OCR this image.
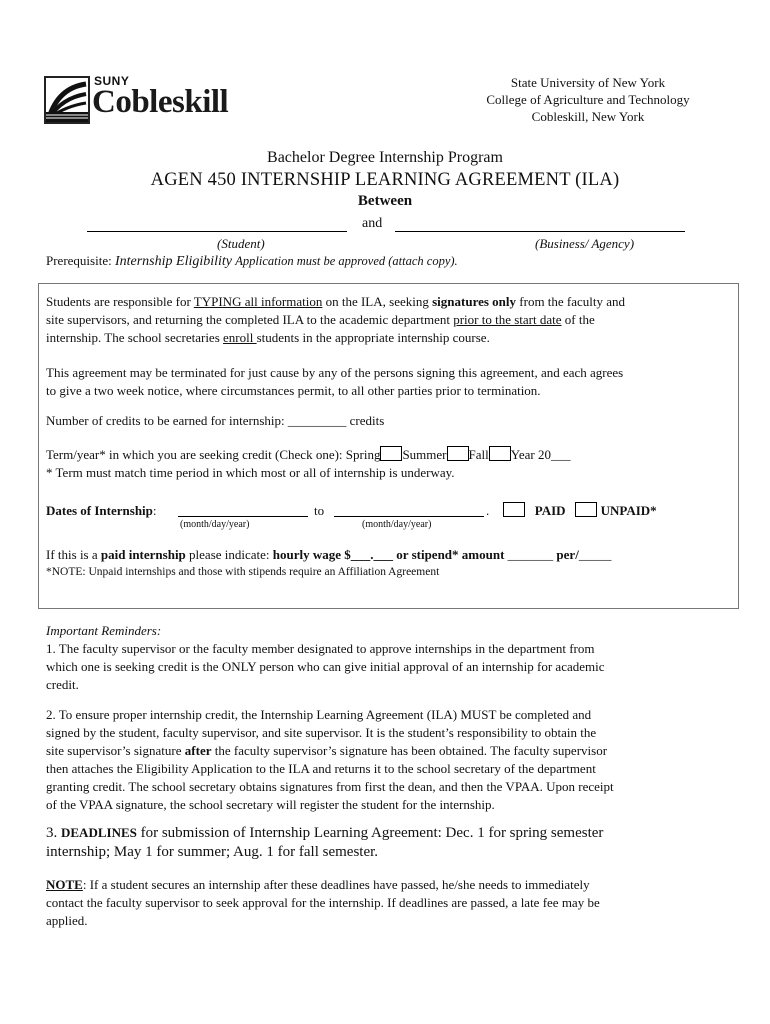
SUNY
Cobleskill
State University of New York
College of Agriculture and Technology
Cobleskill, New York
Bachelor Degree Internship Program
AGEN 450 INTERNSHIP LEARNING AGREEMENT (ILA)
Between
and
(Student)	(Business/ Agency)
Prerequisite: Internship Eligibility Application must be approved (attach copy).
Students are responsible for TYPING all information on the ILA, seeking signatures only from the faculty and
site supervisors, and returning the completed ILA to the academic department prior to the start date of the
internship. The school secretaries enroll students in the appropriate internship course.
This agreement may be terminated for just cause by any of the persons signing this agreement, and each agrees
to give a two week notice, where circumstances permit, to all other parties prior to termination.
Number of credits to be earned for internship: _________ credits
Term/year* in which you are seeking credit (Check one): Spring Summer Fall Year 20___
* Term must match time period in which most or all of internship is underway.
Dates of Internship:	to	.	PAID	UNPAID*
(month/day/year)	(month/day/year)
If this is a paid internship please indicate: hourly wage $___.___ or stipend* amount _______ per/_____
*NOTE: Unpaid internships and those with stipends require an Affiliation Agreement
Important Reminders:
1. The faculty supervisor or the faculty member designated to approve internships in the department from
which one is seeking credit is the ONLY person who can give initial approval of an internship for academic
credit.
2. To ensure proper internship credit, the Internship Learning Agreement (ILA) MUST be completed and
signed by the student, faculty supervisor, and site supervisor. It is the student’s responsibility to obtain the
site supervisor’s signature after the faculty supervisor’s signature has been obtained. The faculty supervisor
then attaches the Eligibility Application to the ILA and returns it to the school secretary of the department
granting credit. The school secretary obtains signatures from first the dean, and then the VPAA. Upon receipt
of the VPAA signature, the school secretary will register the student for the internship.
3. DEADLINES for submission of Internship Learning Agreement: Dec. 1 for spring semester
internship; May 1 for summer; Aug. 1 for fall semester.
NOTE: If a student secures an internship after these deadlines have passed, he/she needs to immediately
contact the faculty supervisor to seek approval for the internship. If deadlines are passed, a late fee may be
applied.
